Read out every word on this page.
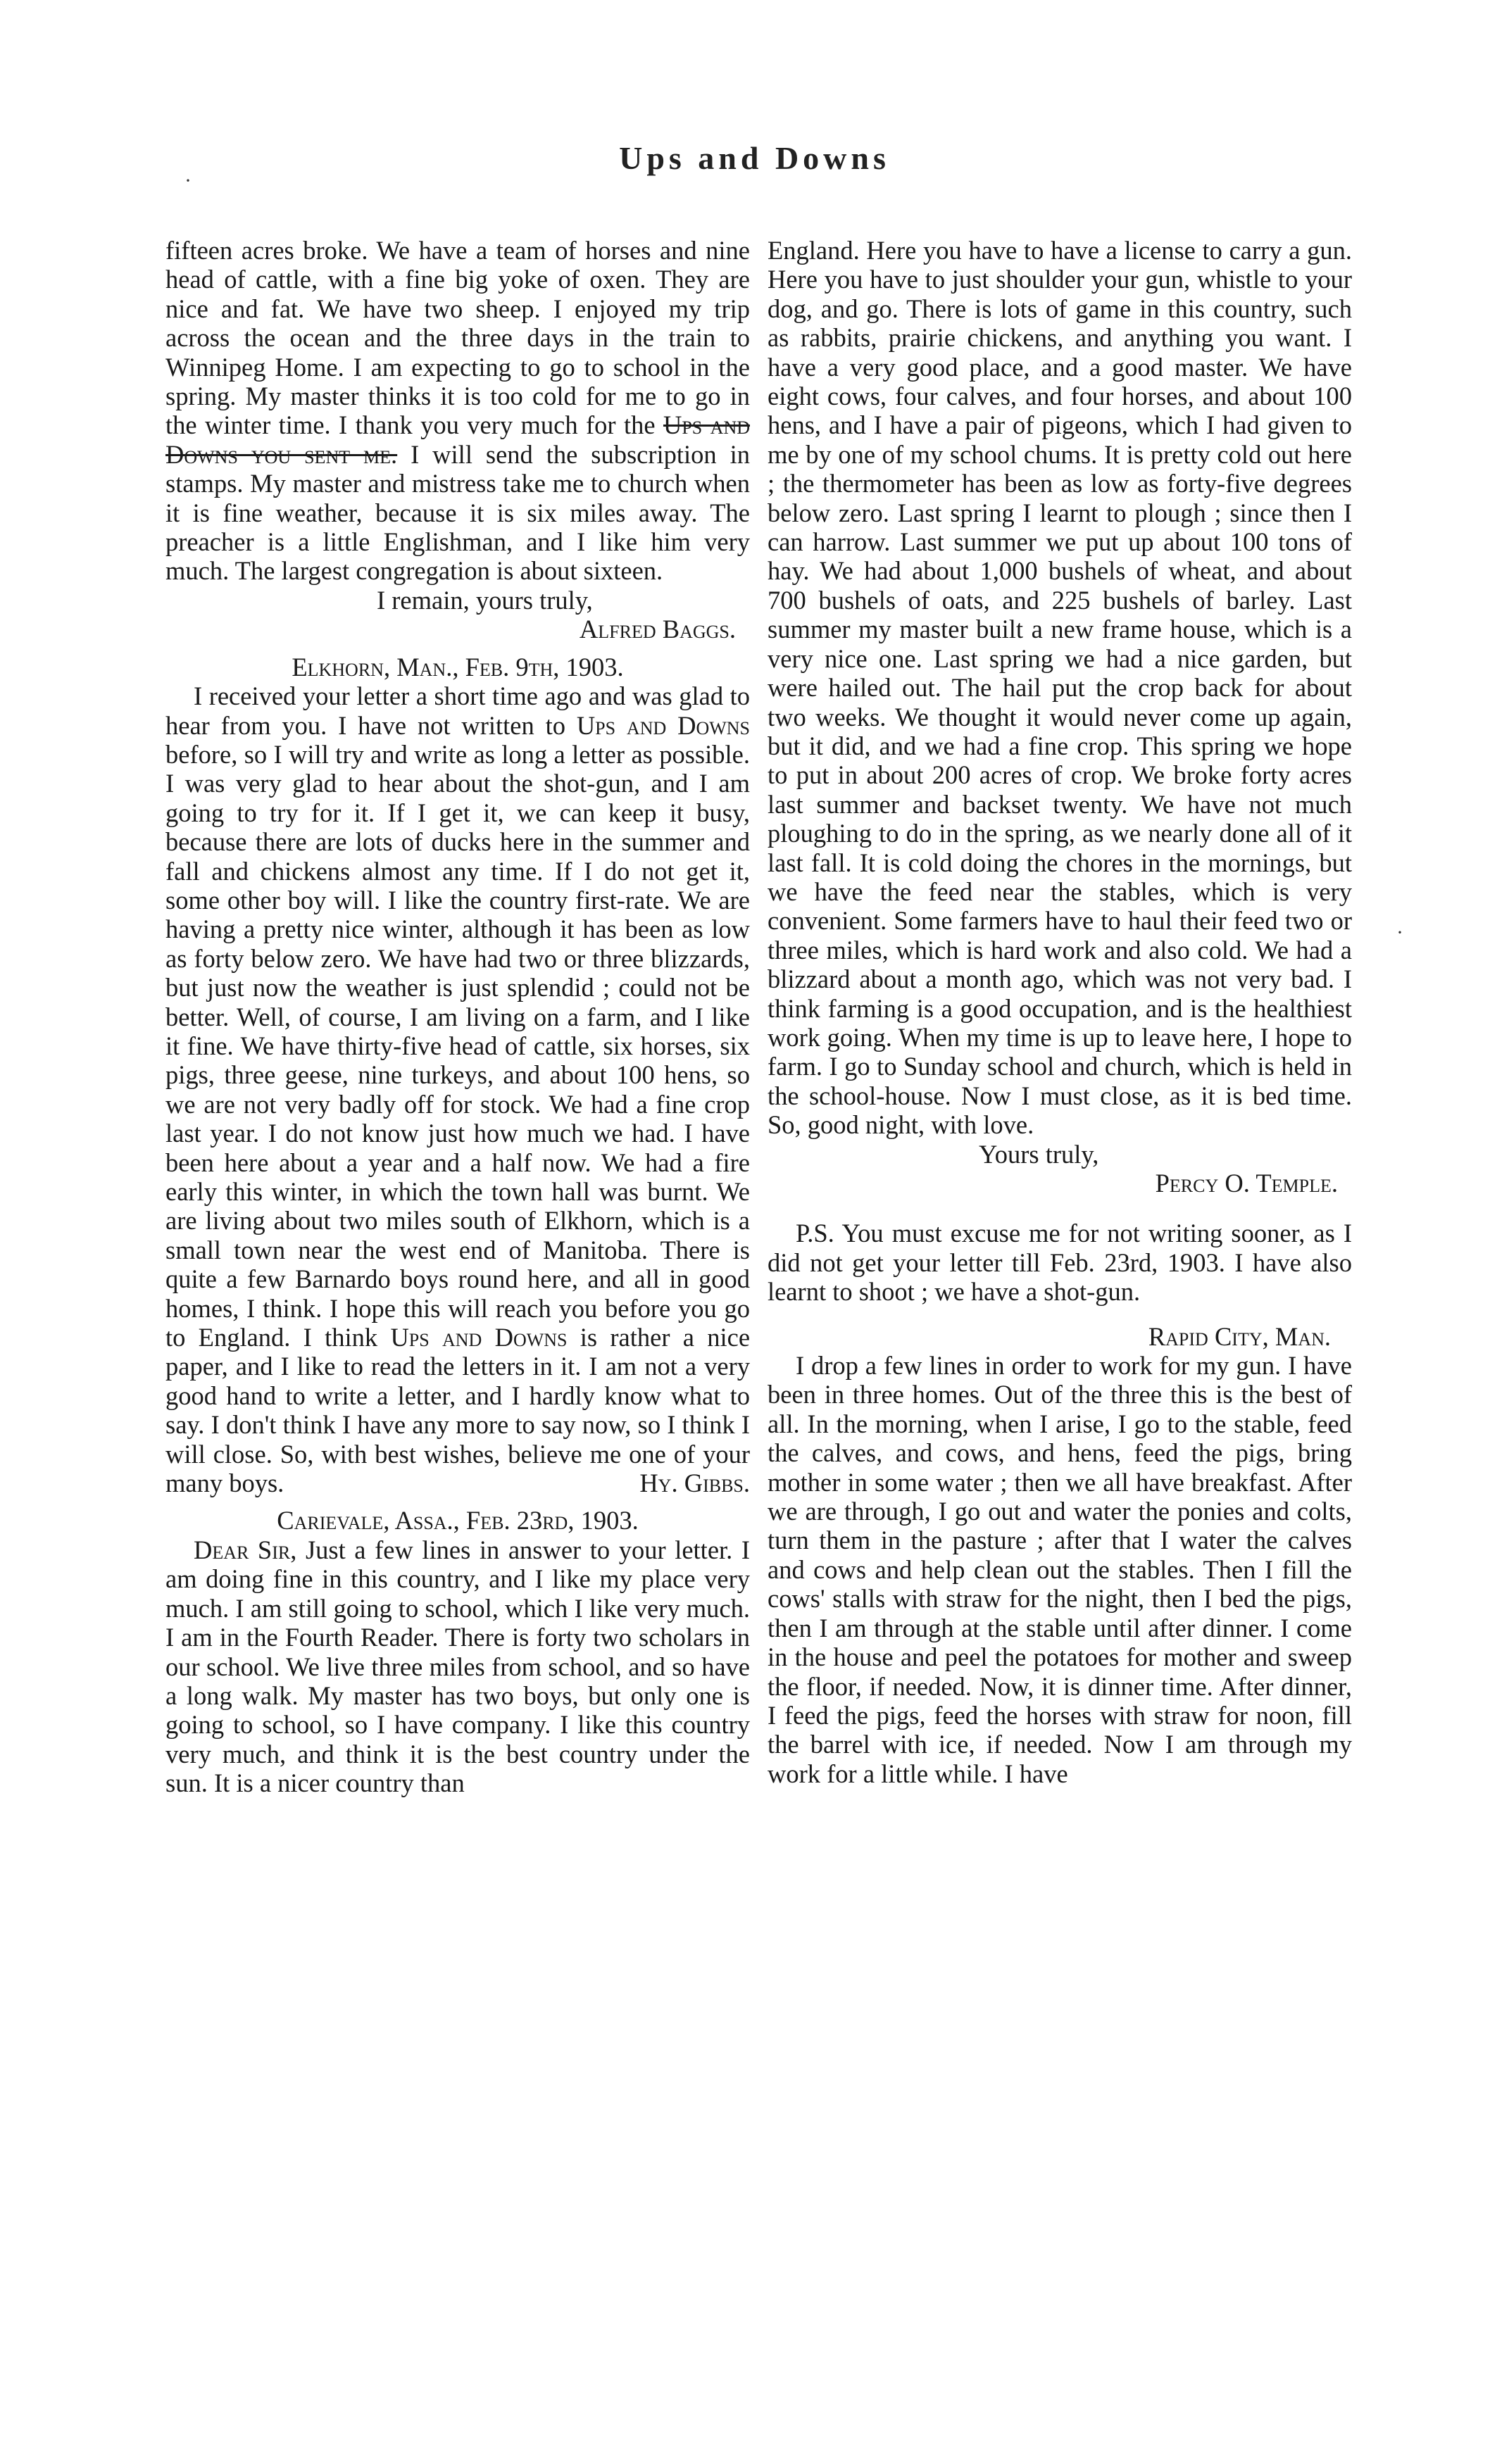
Ups and Downs

fifteen acres broke. We have a team of horses and nine head of cattle, with a fine big yoke of oxen. They are nice and fat. We have two sheep. I enjoyed my trip across the ocean and the three days in the train to Winnipeg Home. I am expecting to go to school in the spring. My master thinks it is too cold for me to go in the winter time. I thank you very much for the Ups and Downs you sent me. I will send the subscription in stamps. My master and mistress take me to church when it is fine weather, because it is six miles away. The preacher is a little Englishman, and I like him very much. The largest congregation is about sixteen.

I remain, yours truly,
Alfred Baggs.
Elkhorn, Man., Feb. 9th, 1903.

I received your letter a short time ago and was glad to hear from you. I have not written to Ups and Downs before, so I will try and write as long a letter as possible. I was very glad to hear about the shot-gun, and I am going to try for it. If I get it, we can keep it busy, because there are lots of ducks here in the summer and fall and chickens almost any time. If I do not get it, some other boy will. I like the country first-rate. We are having a pretty nice winter, although it has been as low as forty below zero. We have had two or three blizzards, but just now the weather is just splendid ; could not be better. Well, of course, I am living on a farm, and I like it fine. We have thirty-five head of cattle, six horses, six pigs, three geese, nine turkeys, and about 100 hens, so we are not very badly off for stock. We had a fine crop last year. I do not know just how much we had. I have been here about a year and a half now. We had a fire early this winter, in which the town hall was burnt. We are living about two miles south of Elkhorn, which is a small town near the west end of Manitoba. There is quite a few Barnardo boys round here, and all in good homes, I think. I hope this will reach you before you go to England. I think Ups and Downs is rather a nice paper, and I like to read the letters in it. I am not a very good hand to write a letter, and I hardly know what to say. I don't think I have any more to say now, so I think I will close. So, with best wishes, believe me one of your many boys.	Hy. Gibbs.

Carievale, Assa., Feb. 23rd, 1903.

Dear Sir, Just a few lines in answer to your letter. I am doing fine in this country, and I like my place very much. I am still going to school, which I like very much. I am in the Fourth Reader. There is forty two scholars in our school. We live three miles from school, and so have a long walk. My master has two boys, but only one is going to school, so I have company. I like this country very much, and think it is the best country under the sun. It is a nicer country than

England. Here you have to have a license to carry a gun. Here you have to just shoulder your gun, whistle to your dog, and go. There is lots of game in this country, such as rabbits, prairie chickens, and anything you want. I have a very good place, and a good master. We have eight cows, four calves, and four horses, and about 100 hens, and I have a pair of pigeons, which I had given to me by one of my school chums. It is pretty cold out here ; the thermometer has been as low as forty-five degrees below zero. Last spring I learnt to plough ; since then I can harrow. Last summer we put up about 100 tons of hay. We had about 1,000 bushels of wheat, and about 700 bushels of oats, and 225 bushels of barley. Last summer my master built a new frame house, which is a very nice one. Last spring we had a nice garden, but were hailed out. The hail put the crop back for about two weeks. We thought it would never come up again, but it did, and we had a fine crop. This spring we hope to put in about 200 acres of crop. We broke forty acres last summer and backset twenty. We have not much ploughing to do in the spring, as we nearly done all of it last fall. It is cold doing the chores in the mornings, but we have the feed near the stables, which is very convenient. Some farmers have to haul their feed two or three miles, which is hard work and also cold. We had a blizzard about a month ago, which was not very bad. I think farming is a good occupation, and is the healthiest work going. When my time is up to leave here, I hope to farm. I go to Sunday school and church, which is held in the school-house. Now I must close, as it is bed time. So, good night, with love.

Yours truly,
Percy O. Temple.

P.S. You must excuse me for not writing sooner, as I did not get your letter till Feb. 23rd, 1903. I have also learnt to shoot ; we have a shot-gun.

Rapid City, Man.

I drop a few lines in order to work for my gun. I have been in three homes. Out of the three this is the best of all. In the morning, when I arise, I go to the stable, feed the calves, and cows, and hens, feed the pigs, bring mother in some water ; then we all have breakfast. After we are through, I go out and water the ponies and colts, turn them in the pasture ; after that I water the calves and cows and help clean out the stables. Then I fill the cows' stalls with straw for the night, then I bed the pigs, then I am through at the stable until after dinner. I come in the house and peel the potatoes for mother and sweep the floor, if needed. Now, it is dinner time. After dinner, I feed the pigs, feed the horses with straw for noon, fill the barrel with ice, if needed. Now I am through my work for a little while. I have

·
·
